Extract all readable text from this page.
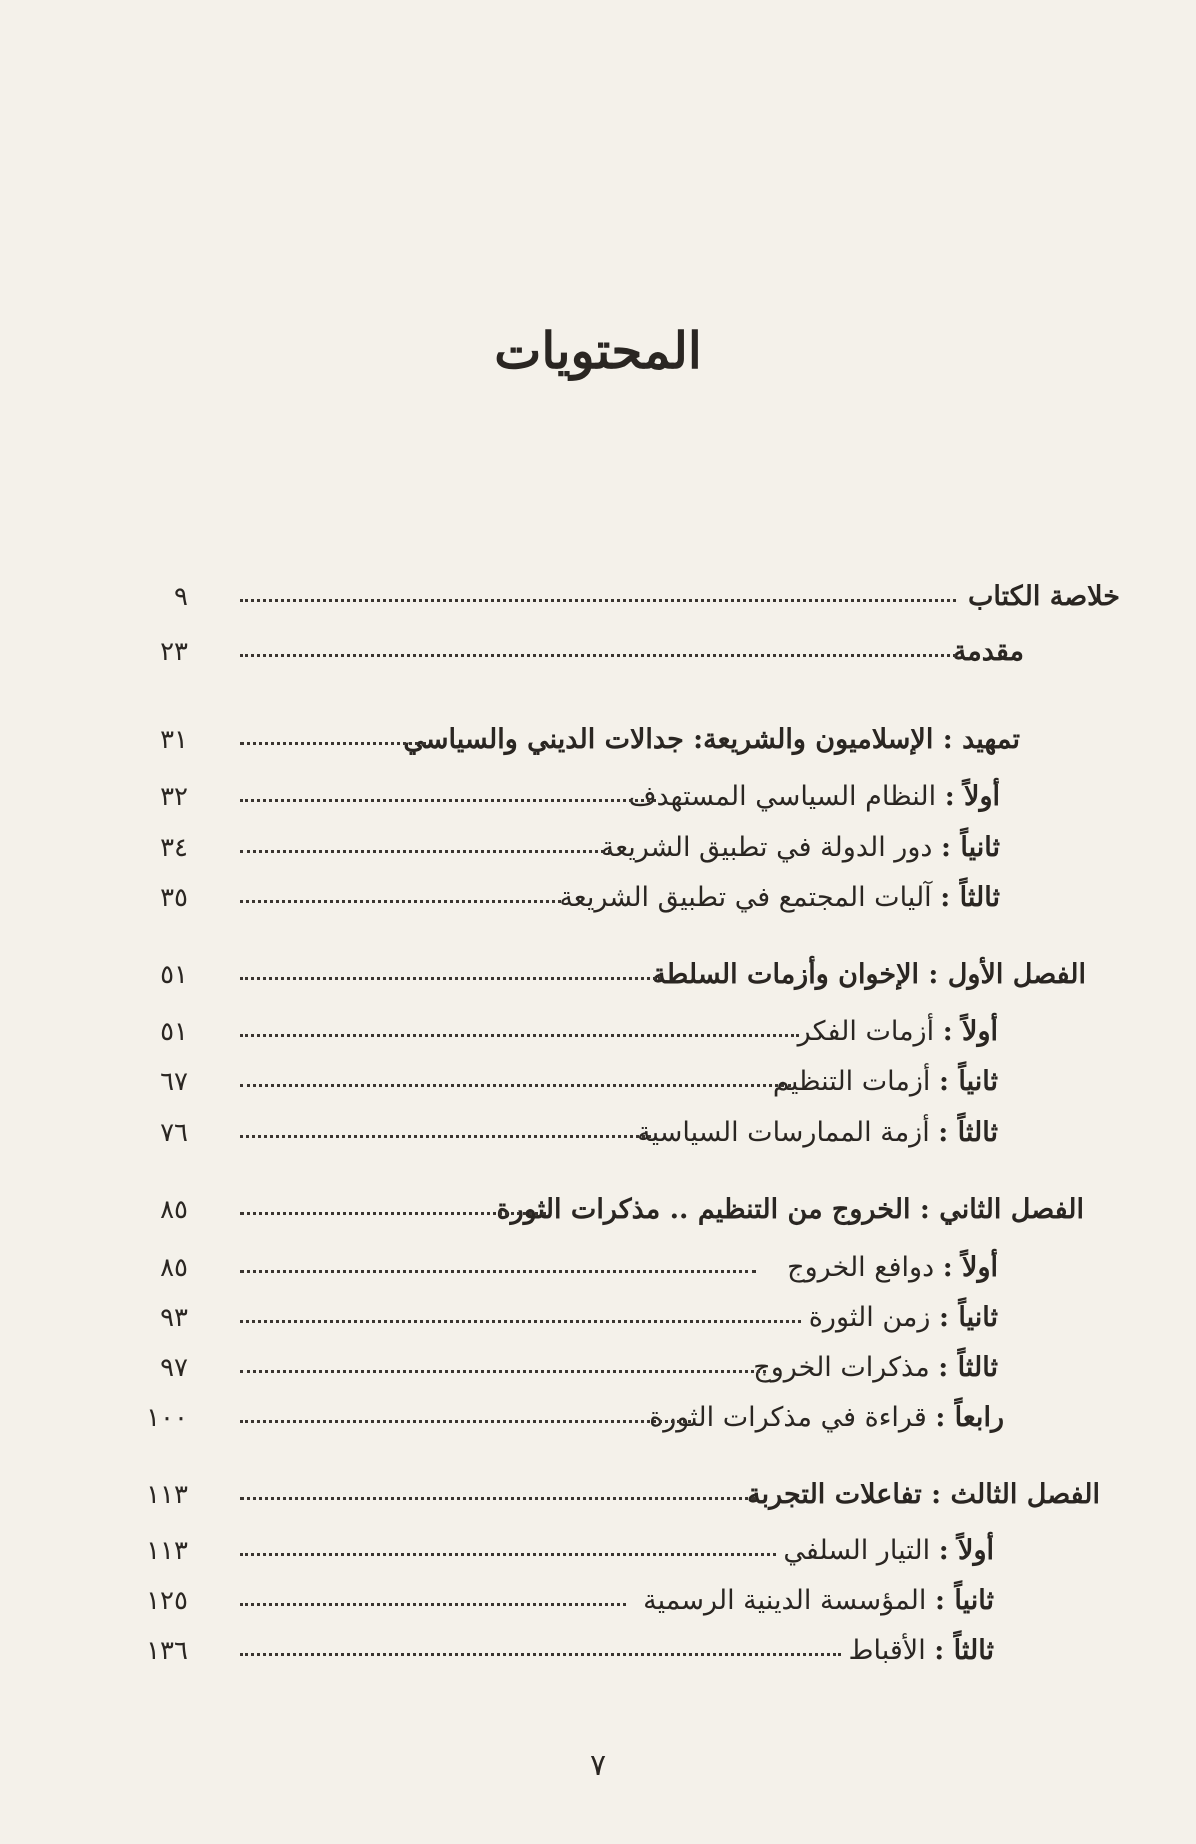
المحتويات
خلاصة الكتاب
٩
مقدمة
٢٣
تمهيد : الإسلاميون والشريعة: جدالات الديني والسياسي
٣١
أولاً : النظام السياسي المستهدف
٣٢
ثانياً : دور الدولة في تطبيق الشريعة
٣٤
ثالثاً : آليات المجتمع في تطبيق الشريعة
٣٥
الفصل الأول : الإخوان وأزمات السلطة
٥١
أولاً : أزمات الفكر
٥١
ثانياً : أزمات التنظيم
٦٧
ثالثاً : أزمة الممارسات السياسية
٧٦
الفصل الثاني : الخروج من التنظيم .. مذكرات الثورة
٨٥
أولاً : دوافع الخروج
٨٥
ثانياً : زمن الثورة
٩٣
ثالثاً : مذكرات الخروج
٩٧
رابعاً : قراءة في مذكرات الثورة
١٠٠
الفصل الثالث : تفاعلات التجربة
١١٣
أولاً : التيار السلفي
١١٣
ثانياً : المؤسسة الدينية الرسمية
١٢٥
ثالثاً : الأقباط
١٣٦
٧
